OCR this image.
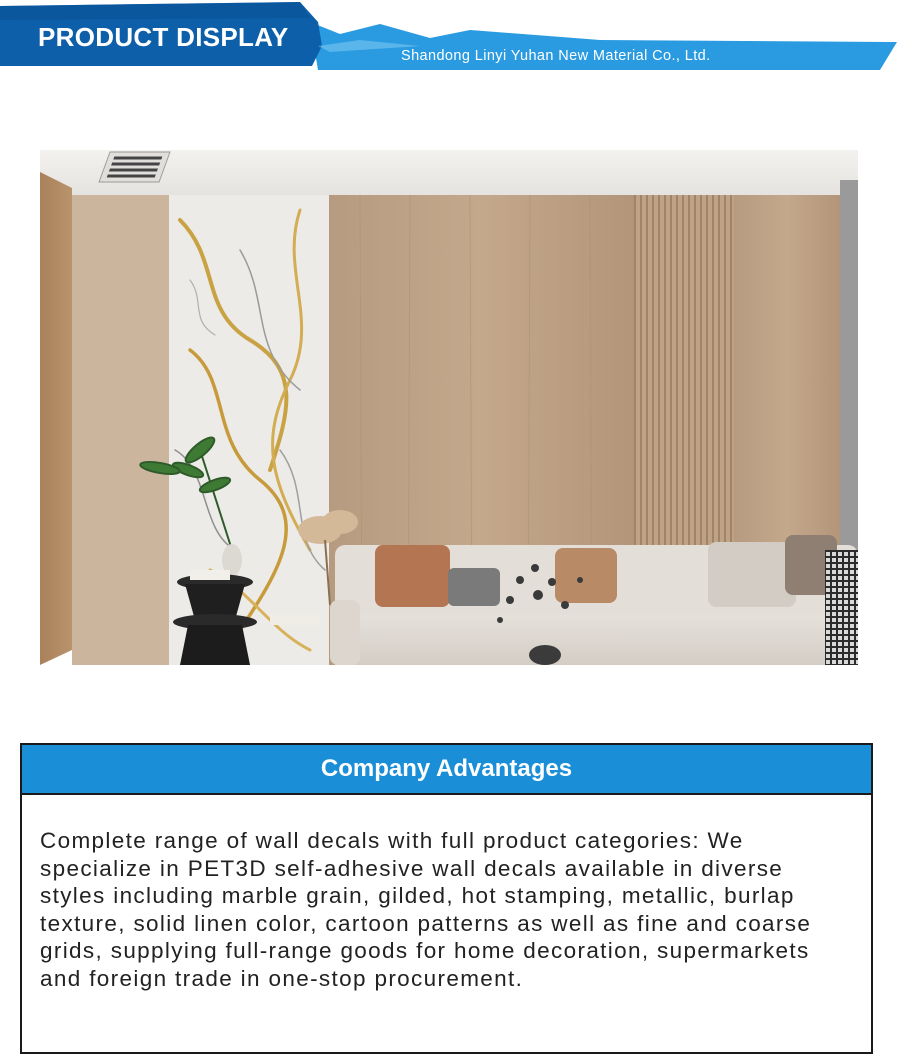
PRODUCT DISPLAY
Shandong Linyi Yuhan New Material Co., Ltd.
Company Advantages
Complete range of wall decals with full product categories: We specialize in PET3D self-adhesive wall decals available in diverse styles including marble grain, gilded, hot stamping, metallic, burlap texture, solid linen color, cartoon patterns as well as fine and coarse grids, supplying full-range goods for home decoration, supermarkets and foreign trade in one-stop procurement.
